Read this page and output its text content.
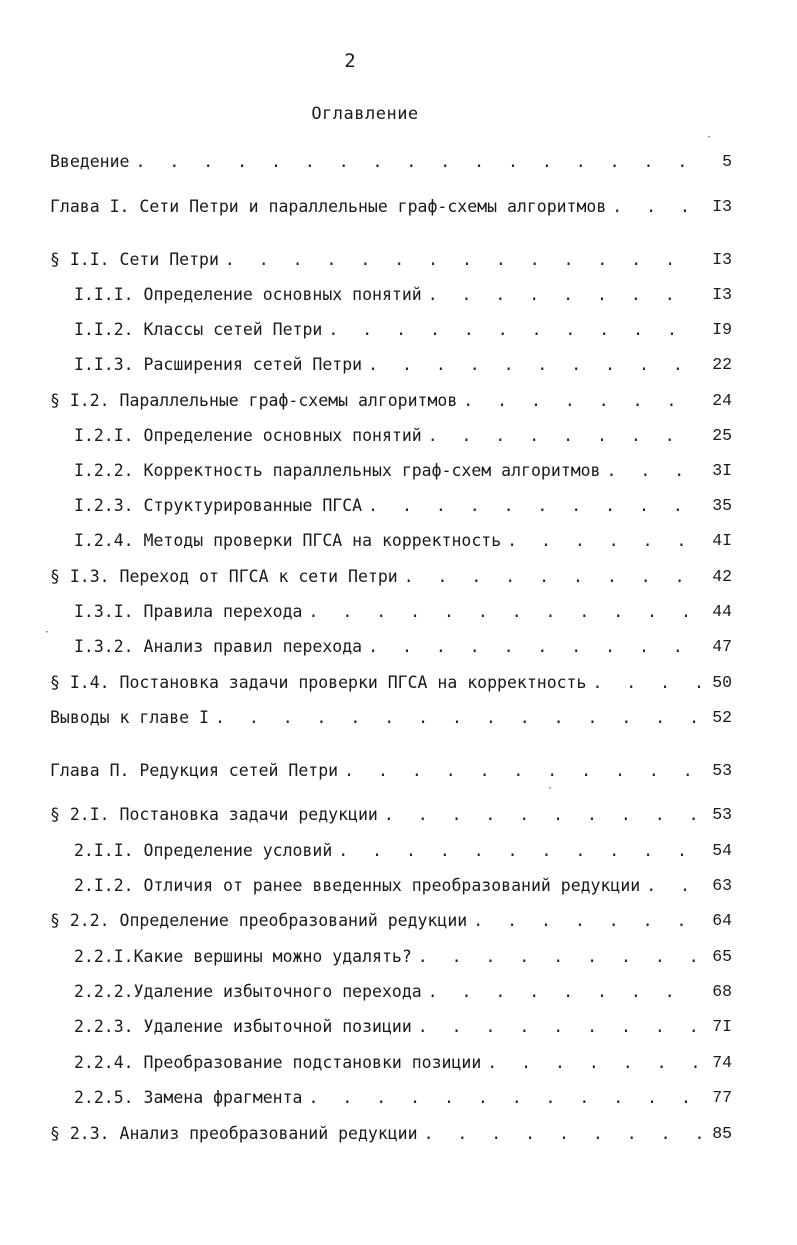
2
Оглавление
Введение . . .	5
Глава I. Сети Петри и параллельные граф-схемы алгоритмов . . .	I3
§ I.I. Сети Петри . . .	I3
I.I.I. Определение основных понятий . . .	I3
I.I.2. Классы сетей Петри . . .	I9
I.I.3. Расширения сетей Петри . . .	22
§ I.2. Параллельные граф-схемы алгоритмов . . .	24
I.2.I. Определение основных понятий . . .	25
I.2.2. Корректность параллельных граф-схем алгоритмов . . .	3I
I.2.3. Структурированные ПГСА . . .	35
I.2.4. Методы проверки ПГСА на корректность . . .	4I
§ I.3. Переход от ПГСА к сети Петри . . .	42
I.3.I. Правила перехода . . .	44
I.3.2. Анализ правил перехода . . .	47
§ I.4. Постановка задачи проверки ПГСА на корректность . . .	50
Выводы к главе I . . .	52
Глава П. Редукция сетей Петри . . .	53
§ 2.I. Постановка задачи редукции . . .	53
2.I.I. Определение условий . . .	54
2.I.2. Отличия от ранее введенных преобразований редукции . . .	63
§ 2.2. Определение преобразований редукции . . .	64
2.2.I.Какие вершины можно удалять? . . .	65
2.2.2.Удаление избыточного перехода . . .	68
2.2.3. Удаление избыточной позиции . . .	7I
2.2.4. Преобразование подстановки позиции . . .	74
2.2.5. Замена фрагмента . . .	77
§ 2.3. Анализ преобразований редукции . . .	85
·
·
·
